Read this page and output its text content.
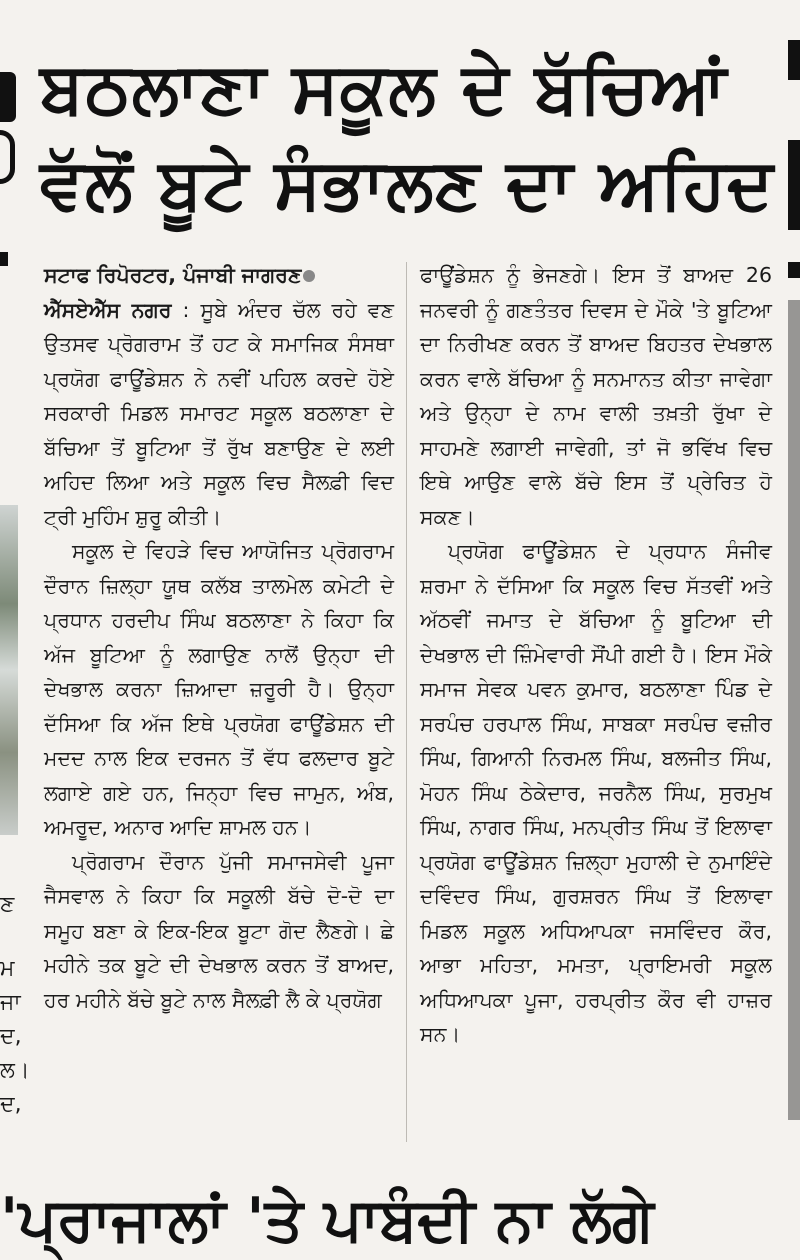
ਣ
ਮ
ਜਾ
ਦ,
ਲ।
ਦ,
ਬਠਲਾਣਾ ਸਕੂਲ ਦੇ ਬੱਚਿਆਂ
ਵੱਲੋਂ ਬੂਟੇ ਸੰਭਾਲਣ ਦਾ ਅਹਿਦ
ਸਟਾਫ ਰਿਪੋਰਟਰ, ਪੰਜਾਬੀ ਜਾਗਰਣ

ਐੱਸਏਐੱਸ ਨਗਰ : ਸੂਬੇ ਅੰਦਰ ਚੱਲ ਰਹੇ ਵਣ ਉਤਸਵ ਪ੍ਰੋਗਰਾਮ ਤੋਂ ਹਟ ਕੇ ਸਮਾਜਿਕ ਸੰਸਥਾ ਪ੍ਰਯੋਗ ਫਾਊਂਡੇਸ਼ਨ ਨੇ ਨਵੀਂ ਪਹਿਲ ਕਰਦੇ ਹੋਏ ਸਰਕਾਰੀ ਮਿਡਲ ਸਮਾਰਟ ਸਕੂਲ ਬਠਲਾਣਾ ਦੇ ਬੱਚਿਆ ਤੋਂ ਬੂਟਿਆ ਤੋਂ ਰੁੱਖ ਬਣਾਉਣ ਦੇ ਲਈ ਅਹਿਦ ਲਿਆ ਅਤੇ ਸਕੂਲ ਵਿਚ ਸੈਲਫ਼ੀ ਵਿਦ ਟ੍ਰੀ ਮੁਹਿੰਮ ਸ਼ੁਰੂ ਕੀਤੀ।

ਸਕੂਲ ਦੇ ਵਿਹੜੇ ਵਿਚ ਆਯੋਜਿਤ ਪ੍ਰੋਗਰਾਮ ਦੌਰਾਨ ਜ਼ਿਲ੍ਹਾ ਯੂਥ ਕਲੱਬ ਤਾਲਮੇਲ ਕਮੇਟੀ ਦੇ ਪ੍ਰਧਾਨ ਹਰਦੀਪ ਸਿੰਘ ਬਠਲਾਣਾ ਨੇ ਕਿਹਾ ਕਿ ਅੱਜ ਬੂਟਿਆ ਨੂੰ ਲਗਾਉਣ ਨਾਲੋਂ ਉਨ੍ਹਾ ਦੀ ਦੇਖਭਾਲ ਕਰਨਾ ਜ਼ਿਆਦਾ ਜ਼ਰੂਰੀ ਹੈ। ਉਨ੍ਹਾ ਦੱਸਿਆ ਕਿ ਅੱਜ ਇਥੇ ਪ੍ਰਯੋਗ ਫਾਊਂਡੇਸ਼ਨ ਦੀ ਮਦਦ ਨਾਲ ਇਕ ਦਰਜਨ ਤੋਂ ਵੱਧ ਫਲਦਾਰ ਬੂਟੇ ਲਗਾਏ ਗਏ ਹਨ, ਜਿਨ੍ਹਾ ਵਿਚ ਜਾਮੁਨ, ਅੰਬ, ਅਮਰੂਦ, ਅਨਾਰ ਆਦਿ ਸ਼ਾਮਲ ਹਨ।

ਪ੍ਰੋਗਰਾਮ ਦੌਰਾਨ ਪੁੱਜੀ ਸਮਾਜਸੇਵੀ ਪੂਜਾ ਜੈਸਵਾਲ ਨੇ ਕਿਹਾ ਕਿ ਸਕੂਲੀ ਬੱਚੇ ਦੋ-ਦੋ ਦਾ ਸਮੂਹ ਬਣਾ ਕੇ ਇਕ-ਇਕ ਬੂਟਾ ਗੋਦ ਲੈਣਗੇ। ਛੇ ਮਹੀਨੇ ਤਕ ਬੂਟੇ ਦੀ ਦੇਖਭਾਲ ਕਰਨ ਤੋਂ ਬਾਅਦ, ਹਰ ਮਹੀਨੇ ਬੱਚੇ ਬੂਟੇ ਨਾਲ ਸੈਲਫ਼ੀ ਲੈ ਕੇ ਪ੍ਰਯੋਗ

ਫਾਊਂਡੇਸ਼ਨ ਨੂੰ ਭੇਜਣਗੇ। ਇਸ ਤੋਂ ਬਾਅਦ 26 ਜਨਵਰੀ ਨੂੰ ਗਣਤੰਤਰ ਦਿਵਸ ਦੇ ਮੌਕੇ 'ਤੇ ਬੂਟਿਆ ਦਾ ਨਿਰੀਖਣ ਕਰਨ ਤੋਂ ਬਾਅਦ ਬਿਹਤਰ ਦੇਖਭਾਲ ਕਰਨ ਵਾਲੇ ਬੱਚਿਆ ਨੂੰ ਸਨਮਾਨਤ ਕੀਤਾ ਜਾਵੇਗਾ ਅਤੇ ਉਨ੍ਹਾ ਦੇ ਨਾਮ ਵਾਲੀ ਤਖ਼ਤੀ ਰੁੱਖਾ ਦੇ ਸਾਹਮਣੇ ਲਗਾਈ ਜਾਵੇਗੀ, ਤਾਂ ਜੋ ਭਵਿੱਖ ਵਿਚ ਇਥੇ ਆਉਣ ਵਾਲੇ ਬੱਚੇ ਇਸ ਤੋਂ ਪ੍ਰੇਰਿਤ ਹੋ ਸਕਣ।

ਪ੍ਰਯੋਗ ਫਾਊਂਡੇਸ਼ਨ ਦੇ ਪ੍ਰਧਾਨ ਸੰਜੀਵ ਸ਼ਰਮਾ ਨੇ ਦੱਸਿਆ ਕਿ ਸਕੂਲ ਵਿਚ ਸੱਤਵੀਂ ਅਤੇ ਅੱਠਵੀਂ ਜਮਾਤ ਦੇ ਬੱਚਿਆ ਨੂੰ ਬੂਟਿਆ ਦੀ ਦੇਖਭਾਲ ਦੀ ਜ਼ਿੰਮੇਵਾਰੀ ਸੌਂਪੀ ਗਈ ਹੈ। ਇਸ ਮੌਕੇ ਸਮਾਜ ਸੇਵਕ ਪਵਨ ਕੁਮਾਰ, ਬਠਲਾਣਾ ਪਿੰਡ ਦੇ ਸਰਪੰਚ ਹਰਪਾਲ ਸਿੰਘ, ਸਾਬਕਾ ਸਰਪੰਚ ਵਜ਼ੀਰ ਸਿੰਘ, ਗਿਆਨੀ ਨਿਰਮਲ ਸਿੰਘ, ਬਲਜੀਤ ਸਿੰਘ, ਮੋਹਨ ਸਿੰਘ ਠੇਕੇਦਾਰ, ਜਰਨੈਲ ਸਿੰਘ, ਸੁਰਮੁਖ ਸਿੰਘ, ਨਾਗਰ ਸਿੰਘ, ਮਨਪ੍ਰੀਤ ਸਿੰਘ ਤੋਂ ਇਲਾਵਾ ਪ੍ਰਯੋਗ ਫਾਊਂਡੇਸ਼ਨ ਜ਼ਿਲ੍ਹਾ ਮੁਹਾਲੀ ਦੇ ਨੁਮਾਇੰਦੇ ਦਵਿੰਦਰ ਸਿੰਘ, ਗੁਰਸ਼ਰਨ ਸਿੰਘ ਤੋਂ ਇਲਾਵਾ ਮਿਡਲ ਸਕੂਲ ਅਧਿਆਪਕਾ ਜਸਵਿੰਦਰ ਕੌਰ, ਆਭਾ ਮਹਿਤਾ, ਮਮਤਾ, ਪ੍ਰਾਇਮਰੀ ਸਕੂਲ ਅਧਿਆਪਕਾ ਪੂਜਾ, ਹਰਪ੍ਰੀਤ ਕੌਰ ਵੀ ਹਾਜ਼ਰ ਸਨ।

'ਪ੍ਰਾਜਾਲਾਂ 'ਤੇ ਪਾਬੰਦੀ ਨਾ ਲੱਗੇ
